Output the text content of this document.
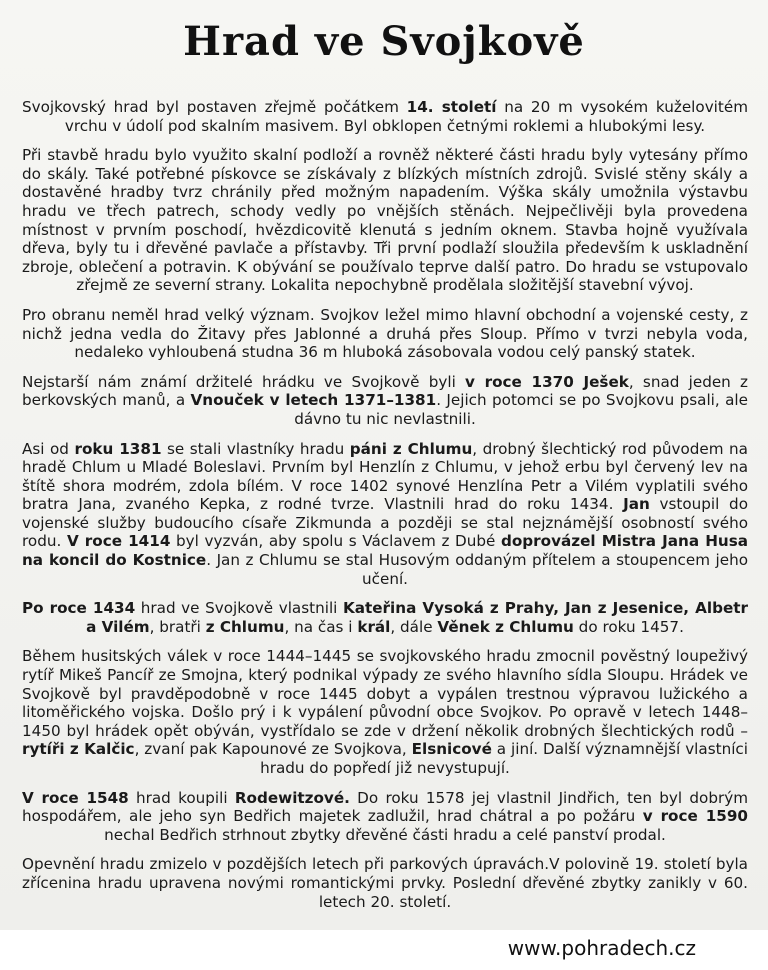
Hrad ve Svojkově

Svojkovský hrad byl postaven zřejmě počátkem 14. století na 20 m vysokém kuželovitém vrchu v údolí pod skalním masivem. Byl obklopen četnými roklemi a hlubokými lesy.

Při stavbě hradu bylo využito skalní podloží a rovněž některé části hradu byly vytesány přímo do skály. Také potřebné pískovce se získávaly z blízkých místních zdrojů. Svislé stěny skály a dostavěné hradby tvrz chránily před možným napadením. Výška skály umožnila výstavbu hradu ve třech patrech, schody vedly po vnějších stěnách. Nejpečlivěji byla provedena místnost v prvním poschodí, hvězdicovitě klenutá s jedním oknem. Stavba hojně využívala dřeva, byly tu i dřevěné pavlače a přístavby. Tři první podlaží sloužila především k uskladnění zbroje, oblečení a potravin. K obývání se používalo teprve další patro. Do hradu se vstupovalo zřejmě ze severní strany. Lokalita nepochybně prodělala složitější stavební vývoj.

Pro obranu neměl hrad velký význam. Svojkov ležel mimo hlavní obchodní a vojenské cesty, z nichž jedna vedla do Žitavy přes Jablonné a druhá přes Sloup. Přímo v tvrzi nebyla voda, nedaleko vyhloubená studna 36 m hluboká zásobovala vodou celý panský statek.

Nejstarší nám známí držitelé hrádku ve Svojkově byli v roce 1370 Ješek, snad jeden z berkovských manů, a Vnouček v letech 1371–1381. Jejich potomci se po Svojkovu psali, ale dávno tu nic nevlastnili.

Asi od roku 1381 se stali vlastníky hradu páni z Chlumu, drobný šlechtický rod původem na hradě Chlum u Mladé Boleslavi. Prvním byl Henzlín z Chlumu, v jehož erbu byl červený lev na štítě shora modrém, zdola bílém. V roce 1402 synové Henzlína Petr a Vilém vyplatili svého bratra Jana, zvaného Kepka, z rodné tvrze. Vlastnili hrad do roku 1434. Jan vstoupil do vojenské služby budoucího císaře Zikmunda a později se stal nejznámější osobností svého rodu. V roce 1414 byl vyzván, aby spolu s Václavem z Dubé doprovázel Mistra Jana Husa na koncil do Kostnice. Jan z Chlumu se stal Husovým oddaným přítelem a stoupencem jeho učení.

Po roce 1434 hrad ve Svojkově vlastnili Kateřina Vysoká z Prahy, Jan z Jesenice, Albetr a Vilém, bratři z Chlumu, na čas i král, dále Věnek z Chlumu do roku 1457.

Během husitských válek v roce 1444–1445 se svojkovského hradu zmocnil pověstný loupeživý rytíř Mikeš Pancíř ze Smojna, který podnikal výpady ze svého hlavního sídla Sloupu. Hrádek ve Svojkově byl pravděpodobně v roce 1445 dobyt a vypálen trestnou výpravou lužického a litoměřického vojska. Došlo prý i k vypálení původní obce Svojkov. Po opravě v letech 1448–1450 byl hrádek opět obýván, vystřídalo se zde v držení několik drobných šlechtických rodů – rytíři z Kalčic, zvaní pak Kapounové ze Svojkova, Elsnicové a jiní. Další významnější vlastníci hradu do popředí již nevystupují.

V roce 1548 hrad koupili Rodewitzové. Do roku 1578 jej vlastnil Jindřich, ten byl dobrým hospodářem, ale jeho syn Bedřich majetek zadlužil, hrad chátral a po požáru v roce 1590 nechal Bedřich strhnout zbytky dřevěné části hradu a celé panství prodal.

Opevnění hradu zmizelo v pozdějších letech při parkových úpravách.V polovině 19. století byla zřícenina hradu upravena novými romantickými prvky. Poslední dřevěné zbytky zanikly v 60. letech 20. století.

www.pohradech.cz
